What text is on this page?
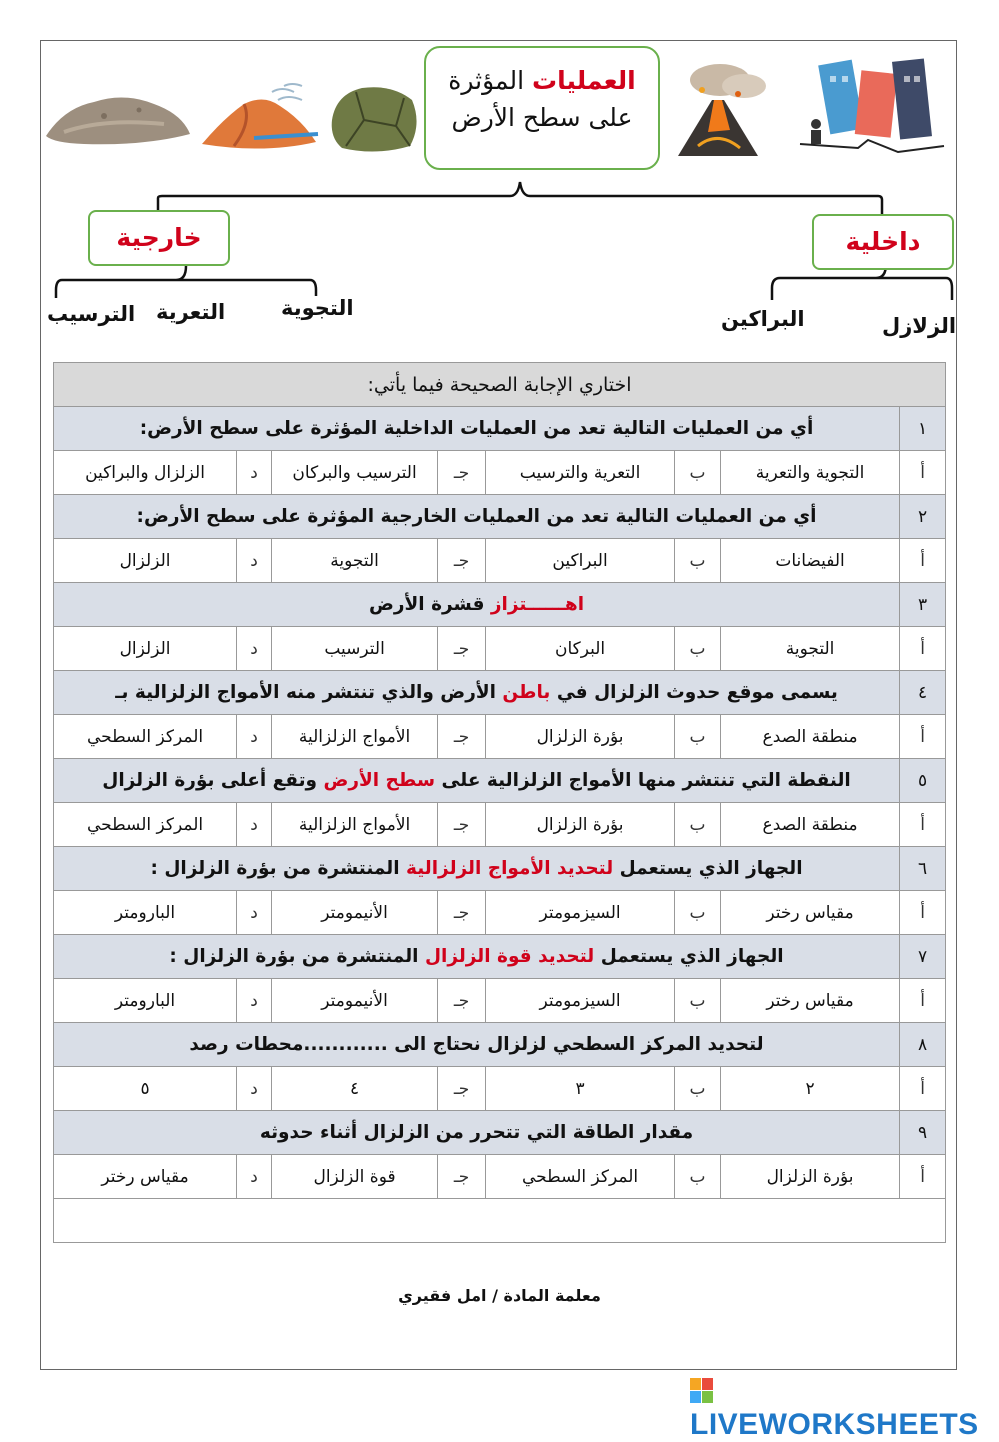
العمليات المؤثرة
على سطح الأرض
خارجية	داخلية
التجوية
التعرية
الترسيب	البراكين	الزلازل
اختاري الإجابة الصحيحة فيما يأتي:							
١	أي من العمليات التالية تعد من العمليات الداخلية المؤثرة على سطح الأرض:						
أ	التجوية والتعرية	ب	التعرية والترسيب	جـ	الترسيب والبركان	د	الزلزال والبراكين
٢	أي من العمليات التالية تعد من العمليات الخارجية المؤثرة على سطح الأرض:						
أ	الفيضانات	ب	البراكين	جـ	التجوية	د	الزلزال
٣	اهــــــتزاز قشرة الأرض						
أ	التجوية	ب	البركان	جـ	الترسيب	د	الزلزال
٤	يسمى موقع حدوث الزلزال في باطن الأرض والذي تنتشر منه الأمواج الزلزالية بـ						
أ	منطقة الصدع	ب	بؤرة الزلزال	جـ	الأمواج الزلزالية	د	المركز السطحي
٥	النقطة التي تنتشر منها الأمواج الزلزالية على سطح الأرض وتقع أعلى بؤرة الزلزال						
أ	منطقة الصدع	ب	بؤرة الزلزال	جـ	الأمواج الزلزالية	د	المركز السطحي
٦	الجهاز الذي يستعمل لتحديد الأمواج الزلزالية المنتشرة من بؤرة الزلزال :						
أ	مقياس رختر	ب	السيزمومتر	جـ	الأنيمومتر	د	البارومتر
٧	الجهاز الذي يستعمل لتحديد قوة الزلزال المنتشرة من بؤرة الزلزال :						
أ	مقياس رختر	ب	السيزمومتر	جـ	الأنيمومتر	د	البارومتر
٨	لتحديد المركز السطحي لزلزال نحتاج الى ............محطات رصد						
أ	٢	ب	٣	جـ	٤	د	٥
٩	مقدار الطاقة التي تتحرر من الزلزال أثناء حدوثه						
أ	بؤرة الزلزال	ب	المركز السطحي	جـ	قوة الزلزال	د	مقياس رختر

معلمة المادة / امل فقيري
LIVEWORKSHEETS
